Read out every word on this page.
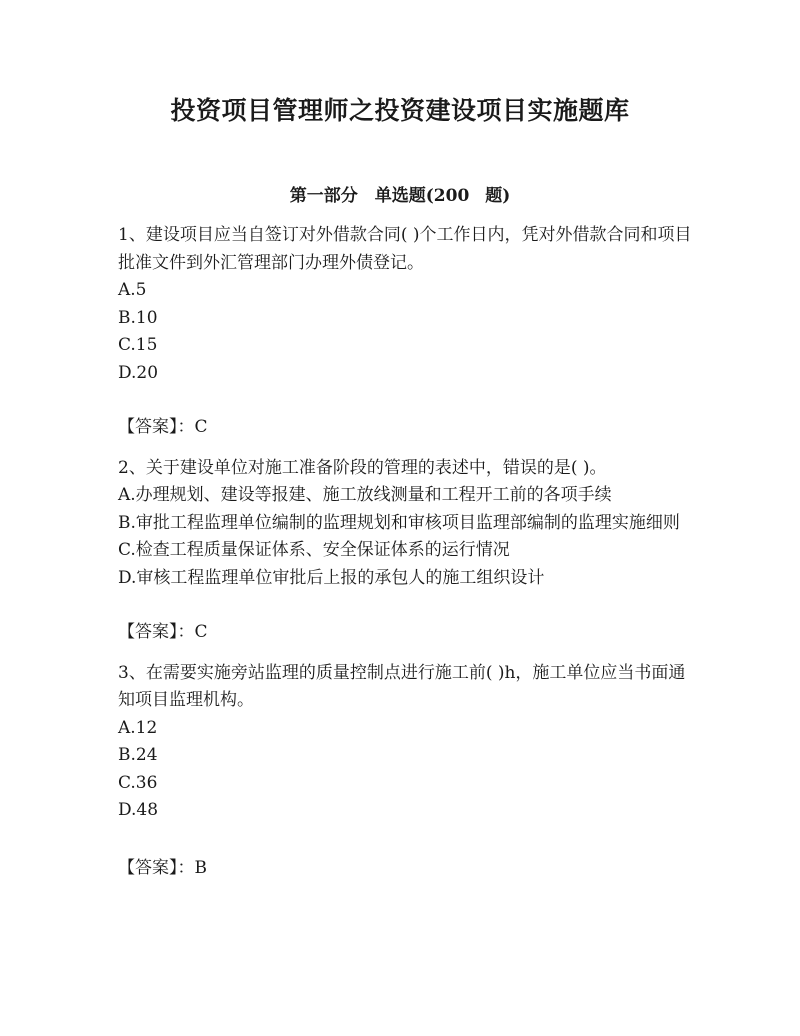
投资项目管理师之投资建设项目实施题库
第一部分　单选题(200 题)

1、建设项目应当自签订对外借款合同( )个工作日内，凭对外借款合同和项目批准文件到外汇管理部门办理外债登记。

A.5

B.10

C.15

D.20

【答案】：C

2、关于建设单位对施工准备阶段的管理的表述中，错误的是( )。

A.办理规划、建设等报建、施工放线测量和工程开工前的各项手续

B.审批工程监理单位编制的监理规划和审核项目监理部编制的监理实施细则

C.检查工程质量保证体系、安全保证体系的运行情况

D.审核工程监理单位审批后上报的承包人的施工组织设计

【答案】：C

3、在需要实施旁站监理的质量控制点进行施工前( )h，施工单位应当书面通知项目监理机构。

A.12

B.24

C.36

D.48

【答案】：B
